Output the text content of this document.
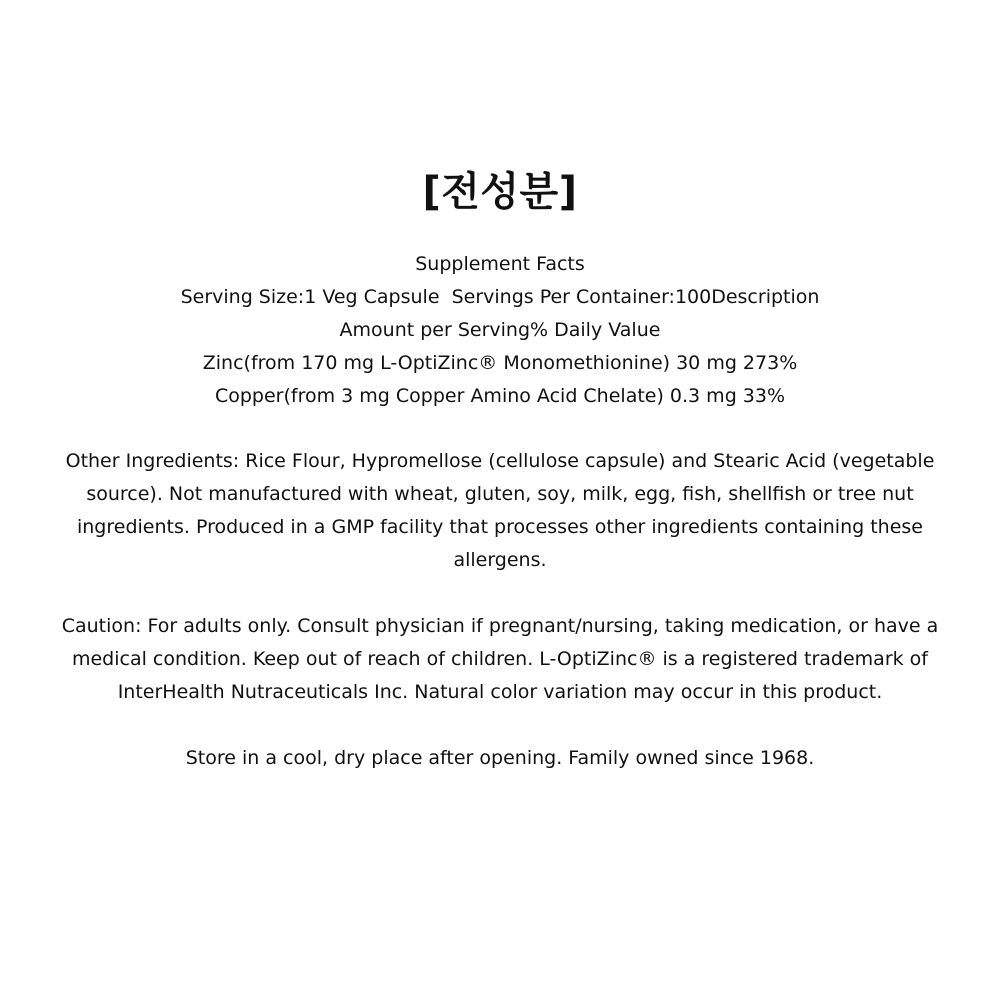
[전성분]
Supplement Facts
Serving Size:1 Veg Capsule  Servings Per Container:100Description
Amount per Serving% Daily Value
Zinc(from 170 mg L-OptiZinc® Monomethionine) 30 mg 273%
Copper(from 3 mg Copper Amino Acid Chelate) 0.3 mg 33%

Other Ingredients: Rice Flour, Hypromellose (cellulose capsule) and Stearic Acid (vegetable source). Not manufactured with wheat, gluten, soy, milk, egg, fish, shellfish or tree nut ingredients. Produced in a GMP facility that processes other ingredients containing these allergens.

Caution: For adults only. Consult physician if pregnant/nursing, taking medication, or have a medical condition. Keep out of reach of children. L-OptiZinc® is a registered trademark of InterHealth Nutraceuticals Inc. Natural color variation may occur in this product.

Store in a cool, dry place after opening. Family owned since 1968.
